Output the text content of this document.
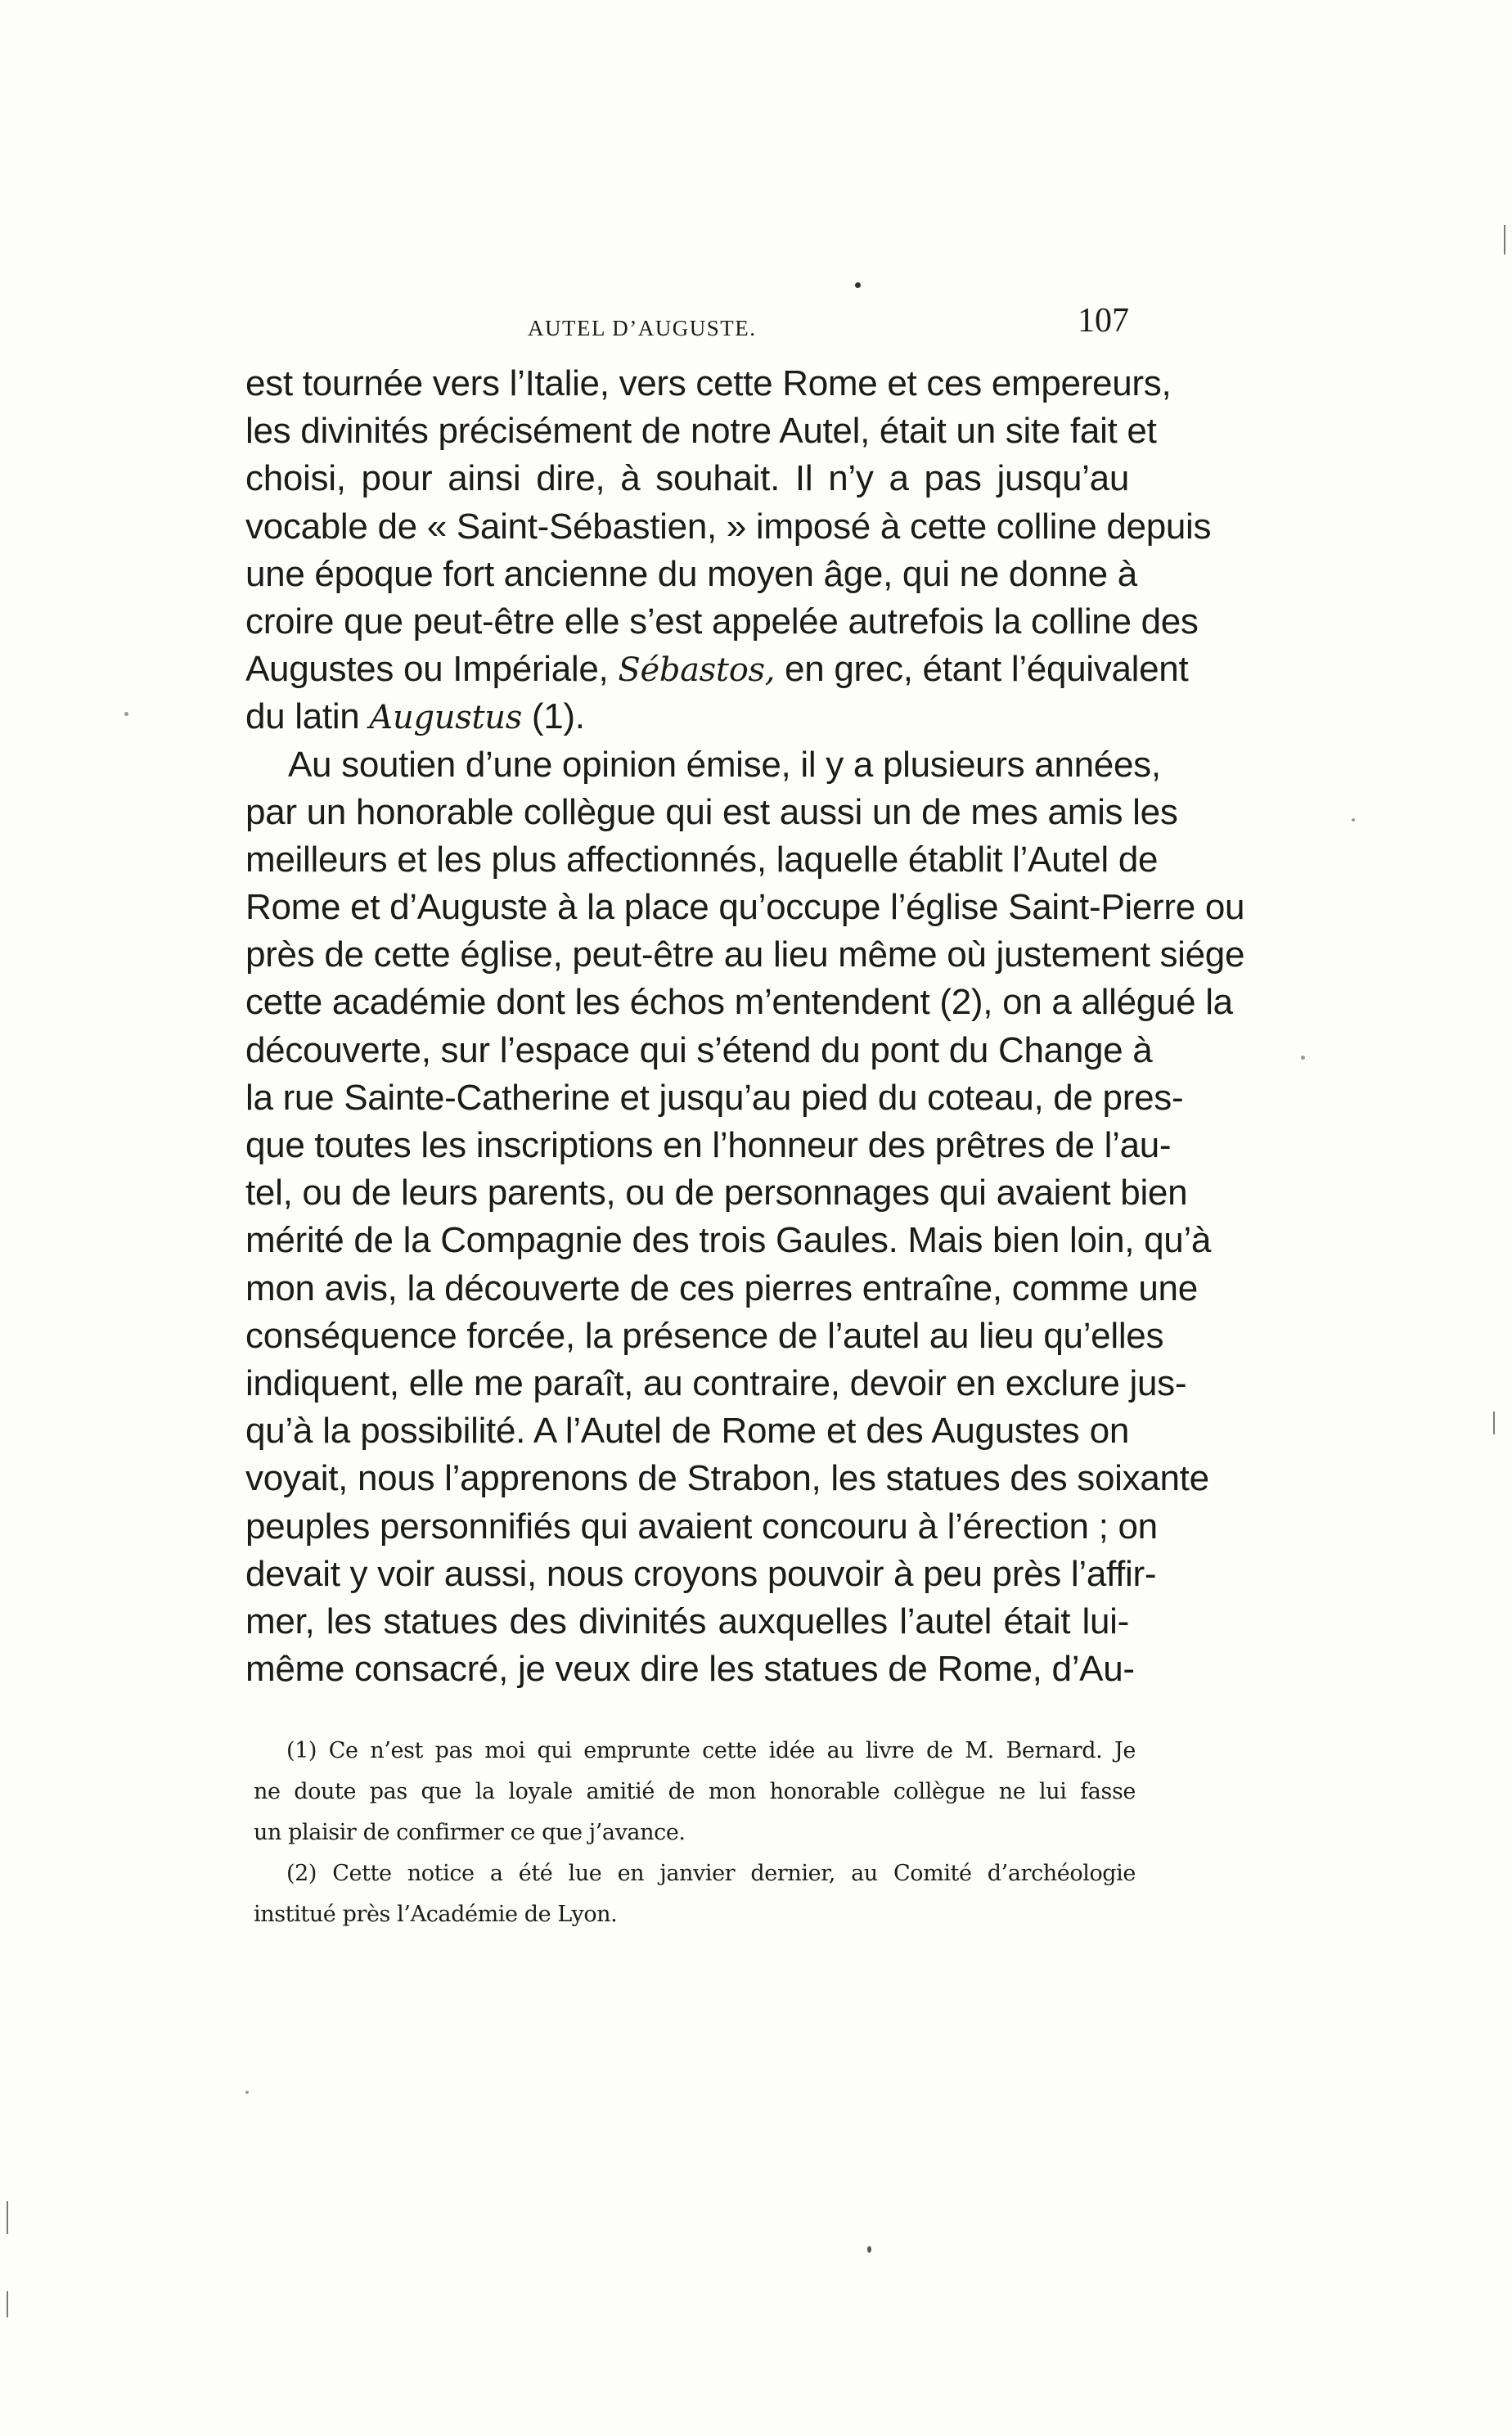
AUTEL D’AUGUSTE.	107
est tournée vers l’Italie, vers cette Rome et ces empereurs,
les divinités précisément de notre Autel, était un site fait et
choisi, pour ainsi dire, à souhait. Il n’y a pas jusqu’au
vocable de « Saint-Sébastien, » imposé à cette colline depuis
une époque fort ancienne du moyen âge, qui ne donne à
croire que peut-être elle s’est appelée autrefois la colline des
Augustes ou Impériale, Sébastos, en grec, étant l’équivalent
du latin Augustus (1).
Au soutien d’une opinion émise, il y a plusieurs années,
par un honorable collègue qui est aussi un de mes amis les
meilleurs et les plus affectionnés, laquelle établit l’Autel de
Rome et d’Auguste à la place qu’occupe l’église Saint-Pierre ou
près de cette église, peut-être au lieu même où justement siége
cette académie dont les échos m’entendent (2), on a allégué la
découverte, sur l’espace qui s’étend du pont du Change à
la rue Sainte-Catherine et jusqu’au pied du coteau, de pres-
que toutes les inscriptions en l’honneur des prêtres de l’au-
tel, ou de leurs parents, ou de personnages qui avaient bien
mérité de la Compagnie des trois Gaules. Mais bien loin, qu’à
mon avis, la découverte de ces pierres entraîne, comme une
conséquence forcée, la présence de l’autel au lieu qu’elles
indiquent, elle me paraît, au contraire, devoir en exclure jus-
qu’à la possibilité. A l’Autel de Rome et des Augustes on
voyait, nous l’apprenons de Strabon, les statues des soixante
peuples personnifiés qui avaient concouru à l’érection ; on
devait y voir aussi, nous croyons pouvoir à peu près l’affir-
mer, les statues des divinités auxquelles l’autel était lui-
même consacré, je veux dire les statues de Rome, d’Au-
(1) Ce n’est pas moi qui emprunte cette idée au livre de M. Bernard. Je
ne doute pas que la loyale amitié de mon honorable collègue ne lui fasse
un plaisir de confirmer ce que j’avance.
(2) Cette notice a été lue en janvier dernier, au Comité d’archéologie
institué près l’Académie de Lyon.
